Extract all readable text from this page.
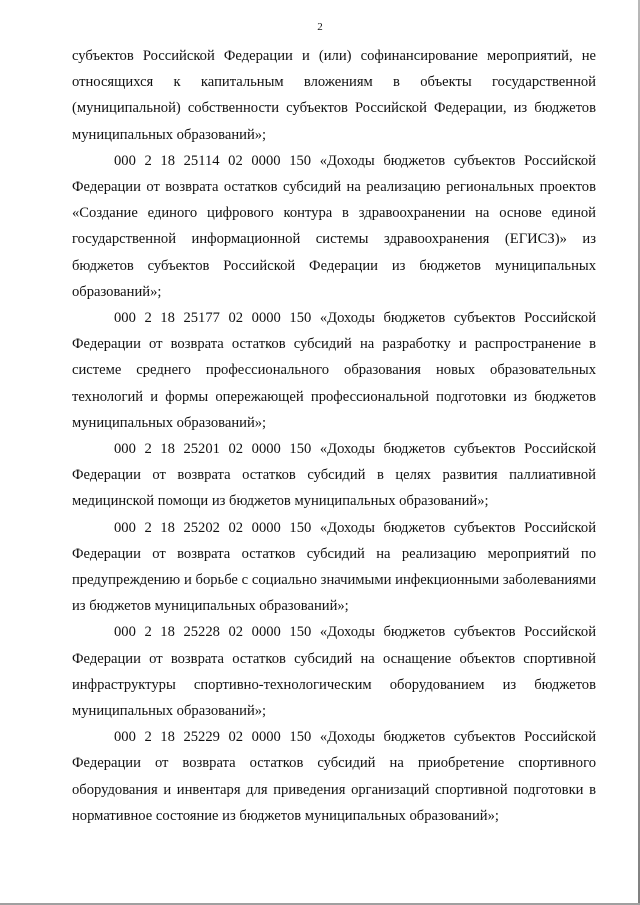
2

субъектов Российской Федерации и (или) софинансирование мероприятий, не относящихся к капитальным вложениям в объекты государственной (муниципальной) собственности субъектов Российской Федерации, из бюджетов муниципальных образований»;

000 2 18 25114 02 0000 150 «Доходы бюджетов субъектов Российской Федерации от возврата остатков субсидий на реализацию региональных проектов «Создание единого цифрового контура в здравоохранении на основе единой государственной информационной системы здравоохранения (ЕГИСЗ)» из бюджетов субъектов Российской Федерации из бюджетов муниципальных образований»;

000 2 18 25177 02 0000 150 «Доходы бюджетов субъектов Российской Федерации от возврата остатков субсидий на разработку и распространение в системе среднего профессионального образования новых образовательных технологий и формы опережающей профессиональной подготовки из бюджетов муниципальных образований»;

000 2 18 25201 02 0000 150 «Доходы бюджетов субъектов Российской Федерации от возврата остатков субсидий в целях развития паллиативной медицинской помощи из бюджетов муниципальных образований»;

000 2 18 25202 02 0000 150 «Доходы бюджетов субъектов Российской Федерации от возврата остатков субсидий на реализацию мероприятий по предупреждению и борьбе с социально значимыми инфекционными заболеваниями из бюджетов муниципальных образований»;

000 2 18 25228 02 0000 150 «Доходы бюджетов субъектов Российской Федерации от возврата остатков субсидий на оснащение объектов спортивной инфраструктуры спортивно-технологическим оборудованием из бюджетов муниципальных образований»;

000 2 18 25229 02 0000 150 «Доходы бюджетов субъектов Российской Федерации от возврата остатков субсидий на приобретение спортивного оборудования и инвентаря для приведения организаций спортивной подготовки в нормативное состояние из бюджетов муниципальных образований»;
